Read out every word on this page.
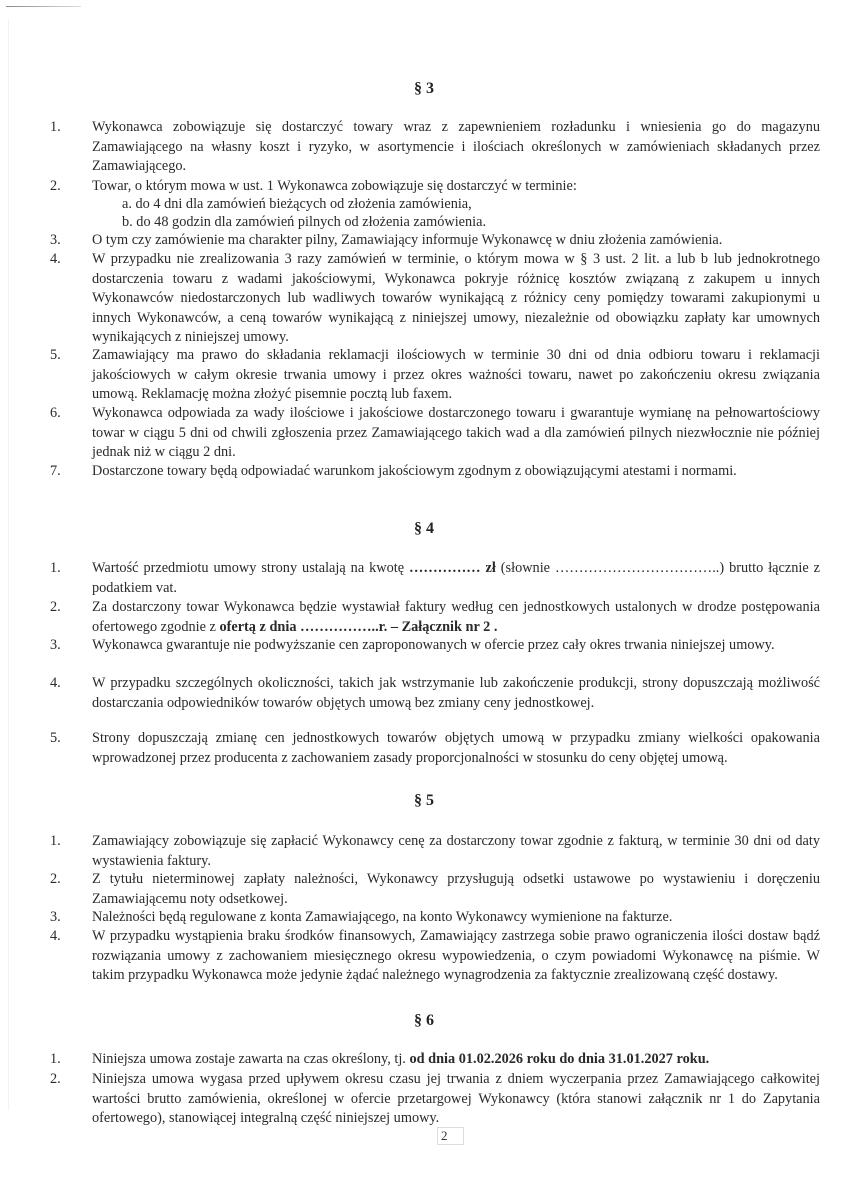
§ 3
1.	Wykonawca zobowiązuje się dostarczyć towary wraz z zapewnieniem rozładunku i wniesienia go do magazynu Zamawiającego na własny koszt i ryzyko, w asortymencie i ilościach określonych w zamówieniach składanych przez Zamawiającego.
2.	Towar, o którym mowa w ust. 1 Wykonawca zobowiązuje się dostarczyć w terminie:
a. do 4 dni dla zamówień bieżących od złożenia zamówienia,
b. do 48 godzin dla zamówień pilnych od złożenia zamówienia.
3.	O tym czy zamówienie ma charakter pilny, Zamawiający informuje Wykonawcę w dniu złożenia zamówienia.
4.	W przypadku nie zrealizowania 3 razy zamówień w terminie, o którym mowa w § 3 ust. 2 lit. a lub b lub jednokrotnego dostarczenia towaru z wadami jakościowymi, Wykonawca pokryje różnicę kosztów związaną z zakupem u innych Wykonawców niedostarczonych lub wadliwych towarów wynikającą z różnicy ceny pomiędzy towarami zakupionymi u innych Wykonawców, a ceną towarów wynikającą z niniejszej umowy, niezależnie od obowiązku zapłaty kar umownych wynikających z niniejszej umowy.
5.	Zamawiający ma prawo do składania reklamacji ilościowych w terminie 30 dni od dnia odbioru towaru i reklamacji jakościowych w całym okresie trwania umowy i przez okres ważności towaru, nawet po zakończeniu okresu związania umową. Reklamację można złożyć pisemnie pocztą lub faxem.
6.	Wykonawca odpowiada za wady ilościowe i jakościowe dostarczonego towaru i gwarantuje wymianę na pełnowartościowy towar w ciągu 5 dni od chwili zgłoszenia przez Zamawiającego takich wad a dla zamówień pilnych niezwłocznie nie później jednak niż w ciągu 2 dni.
7.	Dostarczone towary będą odpowiadać warunkom jakościowym zgodnym z obowiązującymi atestami i normami.
§ 4
1.	Wartość przedmiotu umowy strony ustalają na kwotę …………… zł (słownie ……………………………..) brutto łącznie z podatkiem vat.
2.	Za dostarczony towar Wykonawca będzie wystawiał faktury według cen jednostkowych ustalonych w drodze postępowania ofertowego zgodnie z ofertą z dnia ……………..r. – Załącznik nr 2 .
3.	Wykonawca gwarantuje nie podwyższanie cen zaproponowanych w ofercie przez cały okres trwania niniejszej umowy.
4.	W przypadku szczególnych okoliczności, takich jak wstrzymanie lub zakończenie produkcji, strony dopuszczają możliwość dostarczania odpowiedników towarów objętych umową bez zmiany ceny jednostkowej.
5.	Strony dopuszczają zmianę cen jednostkowych towarów objętych umową w przypadku zmiany wielkości opakowania wprowadzonej przez producenta z zachowaniem zasady proporcjonalności w stosunku do ceny objętej umową.
§ 5
1.	Zamawiający zobowiązuje się zapłacić Wykonawcy cenę za dostarczony towar zgodnie z fakturą, w terminie 30 dni od daty wystawienia faktury.
2.	Z tytułu nieterminowej zapłaty należności, Wykonawcy przysługują odsetki ustawowe po wystawieniu i doręczeniu Zamawiającemu noty odsetkowej.
3.	Należności będą regulowane z konta Zamawiającego, na konto Wykonawcy wymienione na fakturze.
4.	W przypadku wystąpienia braku środków finansowych, Zamawiający zastrzega sobie prawo ograniczenia ilości dostaw bądź rozwiązania umowy z zachowaniem miesięcznego okresu wypowiedzenia, o czym powiadomi Wykonawcę na piśmie. W takim przypadku Wykonawca może jedynie żądać należnego wynagrodzenia za faktycznie zrealizowaną część dostawy.
§ 6
1.	Niniejsza umowa zostaje zawarta na czas określony, tj. od dnia 01.02.2026 roku do dnia 31.01.2027 roku.
2.	Niniejsza umowa wygasa przed upływem okresu czasu jej trwania z dniem wyczerpania przez Zamawiającego całkowitej wartości brutto zamówienia, określonej w ofercie przetargowej Wykonawcy (która stanowi załącznik nr 1 do Zapytania ofertowego), stanowiącej integralną część niniejszej umowy.
2
